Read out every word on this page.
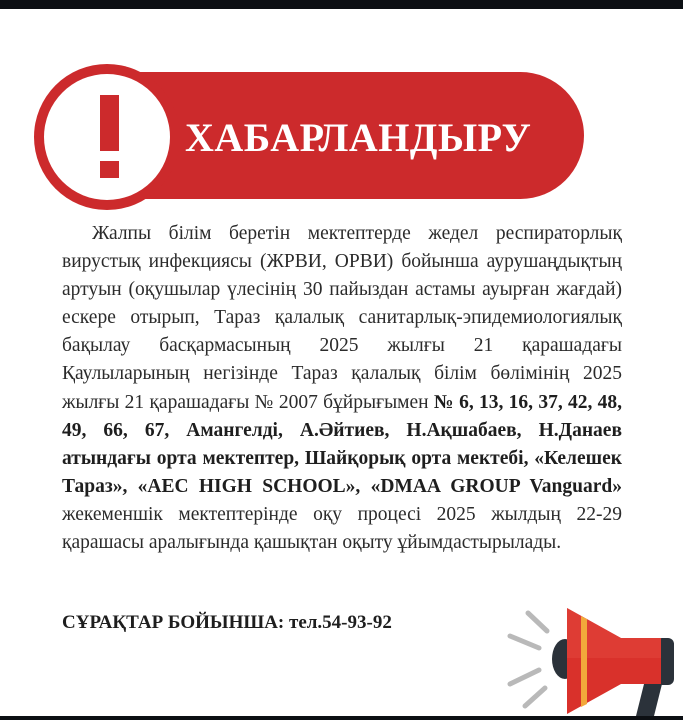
ХАБАРЛАНДЫРУ
Жалпы білім беретін мектептерде жедел респираторлық вирустық инфекциясы (ЖРВИ, ОРВИ) бойынша аурушаңдықтың артуын (оқушылар үлесінің 30 пайыздан астамы ауырған жағдай) ескере отырып, Тараз қалалық санитарлық-эпидемиологиялық бақылау басқармасының 2025 жылғы 21 қарашадағы Қаулыларының негізінде Тараз қалалық білім бөлімінің 2025 жылғы 21 қарашадағы № 2007 бұйрығымен № 6, 13, 16, 37, 42, 48, 49, 66, 67, Амангелді, А.Әйтиев, Н.Ақшабаев, Н.Данаев атындағы орта мектептер, Шайқорық орта мектебі, «Келешек Тараз», «AEC HIGH SCHOOL», «DMAA GROUP Vanguard» жекеменшік мектептерінде оқу процесі 2025 жылдың 22-29 қарашасы аралығында қашықтан оқыту ұйымдастырылады.
СҰРАҚТАР БОЙЫНША: тел.54-93-92
